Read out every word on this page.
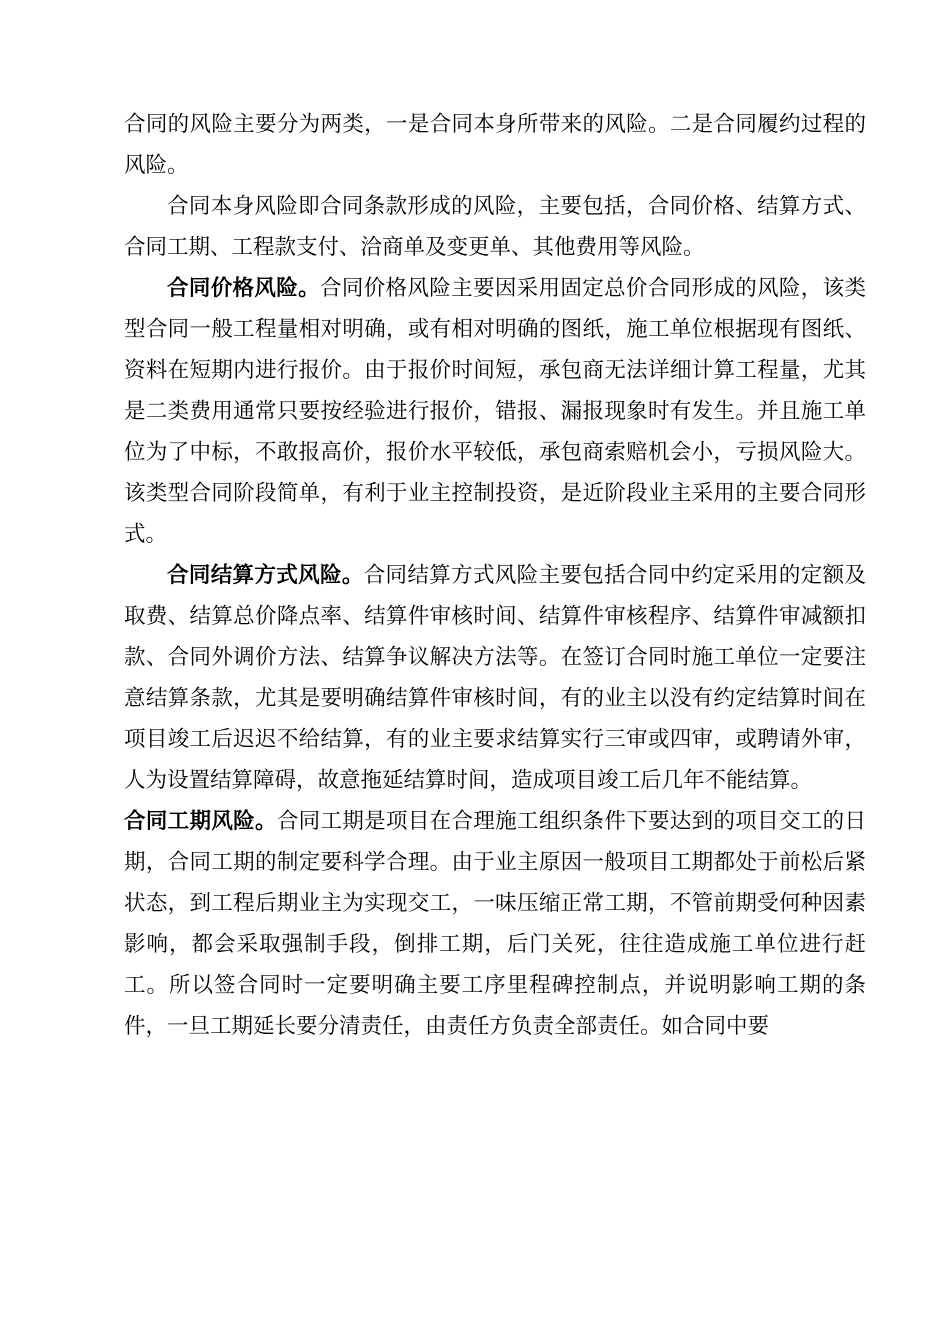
合同的风险主要分为两类，一是合同本身所带来的风险。二是合同履约过程的风险。

合同本身风险即合同条款形成的风险，主要包括，合同价格、结算方式、合同工期、工程款支付、洽商单及变更单、其他费用等风险。

合同价格风险。合同价格风险主要因采用固定总价合同形成的风险，该类型合同一般工程量相对明确，或有相对明确的图纸，施工单位根据现有图纸、资料在短期内进行报价。由于报价时间短，承包商无法详细计算工程量，尤其是二类费用通常只要按经验进行报价，错报、漏报现象时有发生。并且施工单位为了中标，不敢报高价，报价水平较低，承包商索赔机会小，亏损风险大。该类型合同阶段简单，有利于业主控制投资，是近阶段业主采用的主要合同形式。

合同结算方式风险。合同结算方式风险主要包括合同中约定采用的定额及取费、结算总价降点率、结算件审核时间、结算件审核程序、结算件审减额扣款、合同外调价方法、结算争议解决方法等。在签订合同时施工单位一定要注意结算条款，尤其是要明确结算件审核时间，有的业主以没有约定结算时间在项目竣工后迟迟不给结算，有的业主要求结算实行三审或四审，或聘请外审，人为设置结算障碍，故意拖延结算时间，造成项目竣工后几年不能结算。

合同工期风险。合同工期是项目在合理施工组织条件下要达到的项目交工的日期，合同工期的制定要科学合理。由于业主原因一般项目工期都处于前松后紧状态，到工程后期业主为实现交工，一味压缩正常工期，不管前期受何种因素影响，都会采取强制手段，倒排工期，后门关死，往往造成施工单位进行赶工。所以签合同时一定要明确主要工序里程碑控制点，并说明影响工期的条件，一旦工期延长要分清责任，由责任方负责全部责任。如合同中要
